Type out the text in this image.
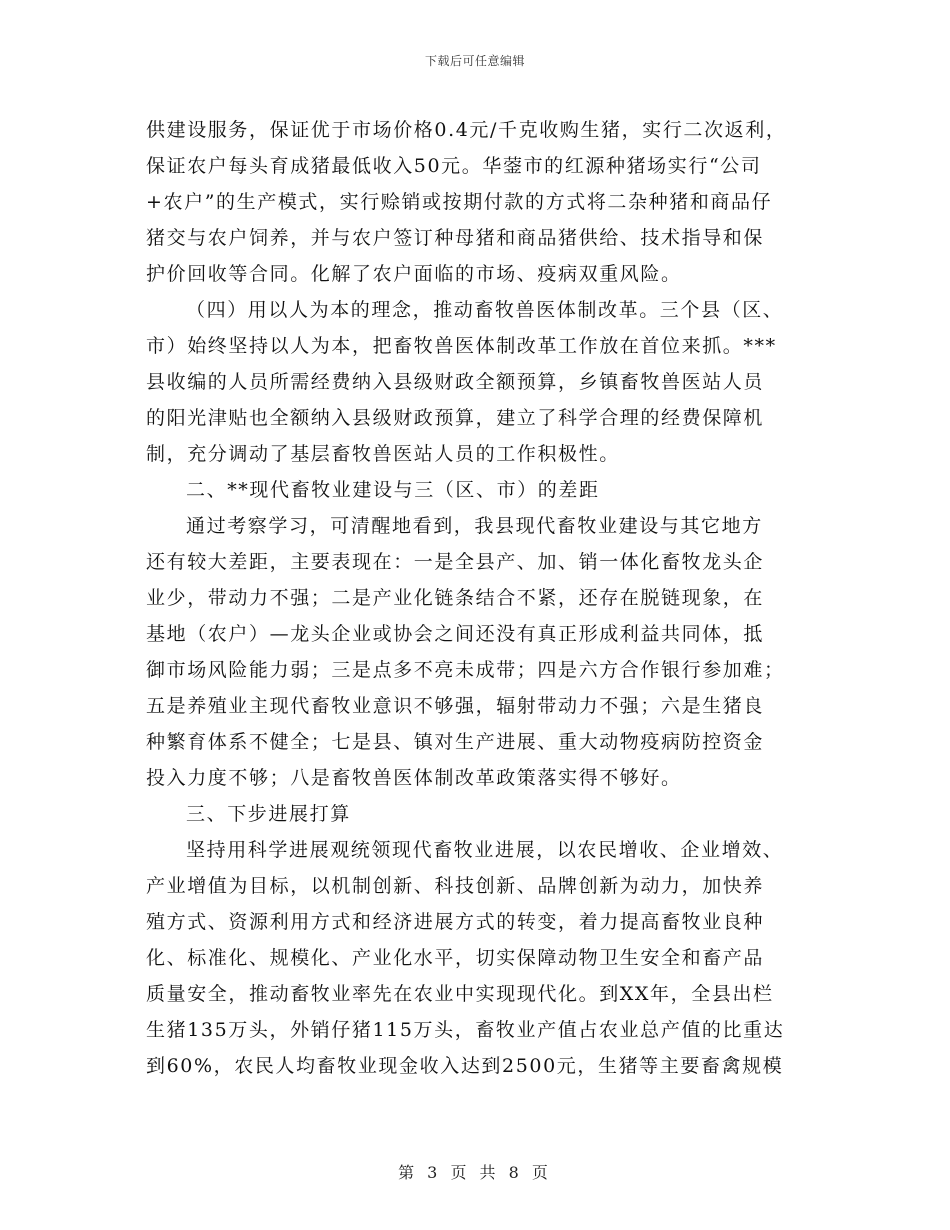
下载后可任意编辑
供建设服务，保证优于市场价格0.4元/千克收购生猪，实行二次返利，
保证农户每头育成猪最低收入50元。华蓥市的红源种猪场实行“公司
+农户”的生产模式，实行赊销或按期付款的方式将二杂种猪和商品仔
猪交与农户饲养，并与农户签订种母猪和商品猪供给、技术指导和保
护价回收等合同。化解了农户面临的市场、疫病双重风险。
（四）用以人为本的理念，推动畜牧兽医体制改革。三个县（区、
市）始终坚持以人为本，把畜牧兽医体制改革工作放在首位来抓。***
县收编的人员所需经费纳入县级财政全额预算，乡镇畜牧兽医站人员
的阳光津贴也全额纳入县级财政预算，建立了科学合理的经费保障机
制，充分调动了基层畜牧兽医站人员的工作积极性。
二、**现代畜牧业建设与三（区、市）的差距
通过考察学习，可清醒地看到，我县现代畜牧业建设与其它地方
还有较大差距，主要表现在：一是全县产、加、销一体化畜牧龙头企
业少，带动力不强；二是产业化链条结合不紧，还存在脱链现象，在
基地（农户）—龙头企业或协会之间还没有真正形成利益共同体，抵
御市场风险能力弱；三是点多不亮未成带；四是六方合作银行参加难；
五是养殖业主现代畜牧业意识不够强，辐射带动力不强；六是生猪良
种繁育体系不健全；七是县、镇对生产进展、重大动物疫病防控资金
投入力度不够；八是畜牧兽医体制改革政策落实得不够好。
三、下步进展打算
坚持用科学进展观统领现代畜牧业进展，以农民增收、企业增效、
产业增值为目标，以机制创新、科技创新、品牌创新为动力，加快养
殖方式、资源利用方式和经济进展方式的转变，着力提高畜牧业良种
化、标准化、规模化、产业化水平，切实保障动物卫生安全和畜产品
质量安全，推动畜牧业率先在农业中实现现代化。到XX年，全县出栏
生猪135万头，外销仔猪115万头，畜牧业产值占农业总产值的比重达
到60%，农民人均畜牧业现金收入达到2500元，生猪等主要畜禽规模
第 3 页 共 8 页
